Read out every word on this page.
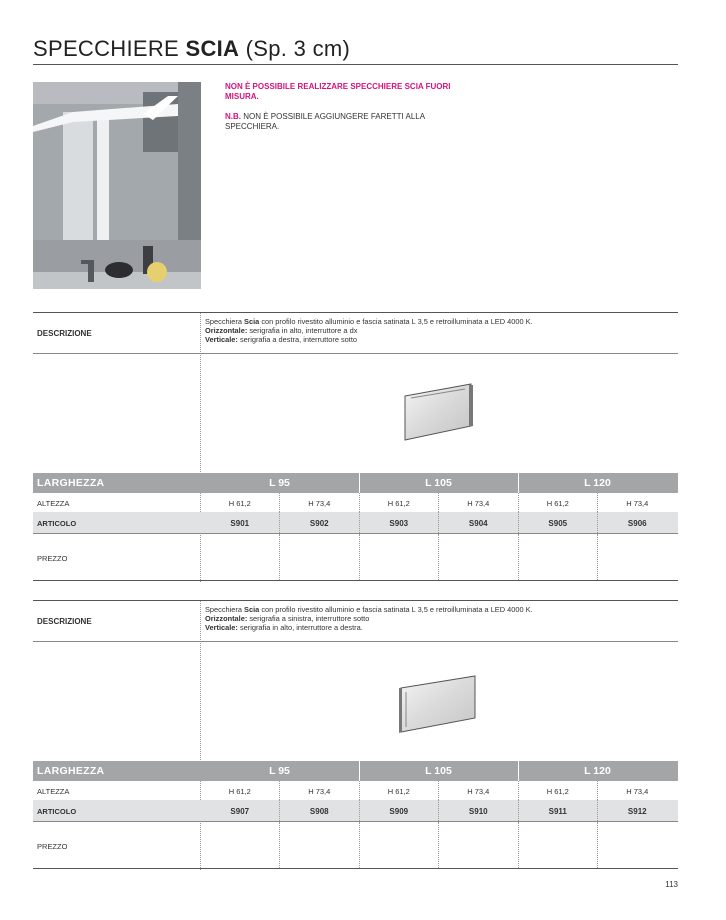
SPECCHIERE SCIA (Sp. 3 cm)
NON È POSSIBILE REALIZZARE SPECCHIERE SCIA FUORI MISURA.
N.B. NON È POSSIBILE AGGIUNGERE FARETTI ALLA SPECCHIERA.
DESCRIZIONE
Specchiera Scia con profilo rivestito alluminio e fascia satinata L 3,5 e retroilluminata a LED 4000 K.
Orizzontale: serigrafia in alto, interruttore a dx
Verticale: serigrafia a destra, interruttore sotto
LARGHEZZA	L 95	L 105	L 120
ALTEZZA	H 61,2	H 73,4	H 61,2	H 73,4	H 61,2	H 73,4
ARTICOLO	S901	S902	S903	S904	S905	S906
PREZZO
DESCRIZIONE
Specchiera Scia con profilo rivestito alluminio e fascia satinata L 3,5 e retroilluminata a LED 4000 K.
Orizzontale: serigrafia a sinistra, interruttore sotto
Verticale: serigrafia in alto, interruttore a destra.
LARGHEZZA	L 95	L 105	L 120
ALTEZZA	H 61,2	H 73,4	H 61,2	H 73,4	H 61,2	H 73,4
ARTICOLO	S907	S908	S909	S910	S911	S912
PREZZO
113
